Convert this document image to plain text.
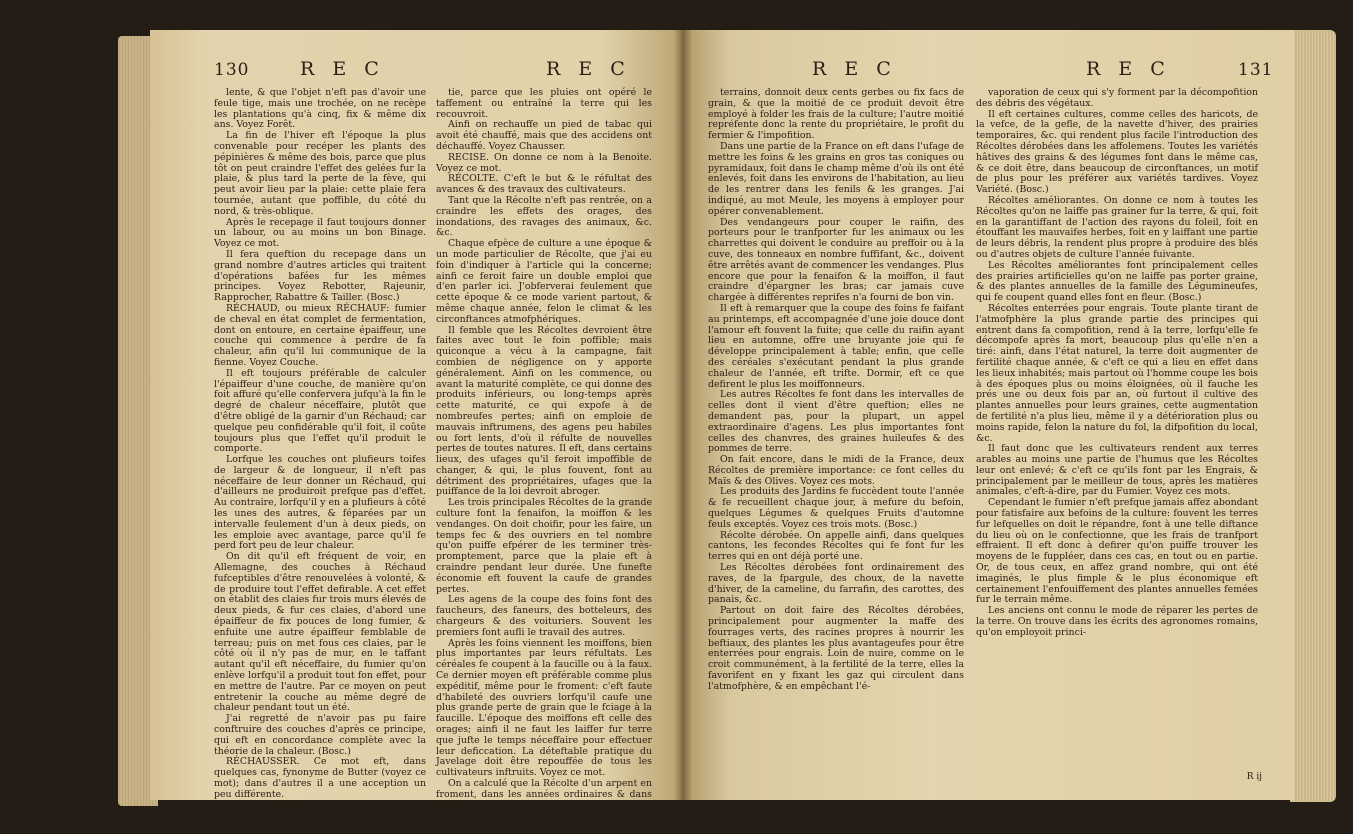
130	R E C	R E C

lente, & que l'objet n'eft pas d'avoir une feule tige, mais une trochée, on ne recèpe les plantations qu'à cinq, fix & même dix ans. Voyez Forêt.

La fin de l'hiver eft l'époque la plus convenable pour recéper les plants des pépinières & même des bois, parce que plus tôt on peut craindre l'effet des gelées fur la plaie, & plus tard la perte de la fève, qui peut avoir lieu par la plaie: cette plaie fera tournée, autant que poffible, du côté du nord, & très-oblique.

Après le recepage il faut toujours donner un labour, ou au moins un bon Binage. Voyez ce mot.

Il fera queftion du recepage dans un grand nombre d'autres articles qui traitent d'opérations bafées fur les mêmes principes. Voyez Rebotter, Rajeunir, Rapprocher, Rabattre & Tailler. (Bosc.)

RÉCHAUD, ou mieux RÉCHAUF: fumier de cheval en état complet de fermentation, dont on entoure, en certaine épaiffeur, une couche qui commence à perdre de fa chaleur, afin qu'il lui communique de la fienne. Voyez Couche.

Il eft toujours préférable de calculer l'épaiffeur d'une couche, de manière qu'on foit affuré qu'elle confervera jufqu'à la fin le degré de chaleur néceffaire, plutôt que d'être obligé de la garnir d'un Réchaud; car quelque peu confidérable qu'il foit, il coûte toujours plus que l'effet qu'il produit le comporte.

Lorfque les couches ont plufieurs toifes de largeur & de longueur, il n'eft pas néceffaire de leur donner un Réchaud, qui d'ailleurs ne produiroit prefque pas d'effet. Au contraire, lorfqu'il y en a plufieurs à côté les unes des autres, & féparées par un intervalle feulement d'un à deux pieds, on les emploie avec avantage, parce qu'il fe perd fort peu de leur chaleur.

On dit qu'il eft fréquent de voir, en Allemagne, des couches à Réchaud fufceptibles d'être renouvelées à volonté, & de produire tout l'effet defirable. A cet effet on établit des claies fur trois murs élevés de deux pieds, & fur ces claies, d'abord une épaiffeur de fix pouces de long fumier, & enfuite une autre épaiffeur femblable de terreau; puis on met fous ces claies, par le côté où il n'y pas de mur, en le taffant autant qu'il eft néceffaire, du fumier qu'on enlève lorfqu'il a produit tout fon effet, pour en mettre de l'autre. Par ce moyen on peut entretenir la couche au même degré de chaleur pendant tout un été.

J'ai regretté de n'avoir pas pu faire conftruire des couches d'après ce principe, qui eft en concordance complète avec la théorie de la chaleur. (Bosc.)

RÉCHAUSSER. Ce mot eft, dans quelques cas, fynonyme de Butter (voyez ce mot); dans d'autres il a une acception un peu différente.

Ainfi on rechauffe un arbre nouvellement planté, dont les racines ont été mifes à nu en par-

tie, parce que les pluies ont opéré le taffement ou entraîné la terre qui les recouvroit.

Ainfi on rechauffe un pied de tabac qui avoit été chauffé, mais que des accidens ont déchauffé. Voyez Chausser.

RECISE. On donne ce nom à la Benoite. Voyez ce mot.

RÉCOLTE. C'eft le but & le réfultat des avances & des travaux des cultivateurs.

Tant que la Récolte n'eft pas rentrée, on a craindre les effets des orages, des inondations, des ravages des animaux, &c. &c.

Chaque efpèce de culture a une époque & un mode particulier de Récolte, que j'ai eu foin d'indiquer à l'article qui la concerne; ainfi ce feroit faire un double emploi que d'en parler ici. J'obferverai feulement que cette époque & ce mode varient partout, & même chaque année, felon le climat & les circonftances atmofphériques.

Il femble que les Récoltes devroient être faites avec tout le foin poffible; mais quiconque a vécu à la campagne, fait combien de négligence on y apporte généralement. Ainfi on les commence, ou avant la maturité complète, ce qui donne des produits inférieurs, ou long-temps après cette maturité, ce qui expofe à de nombreufes pertes; ainfi on emploie de mauvais inftrumens, des agens peu habiles ou fort lents, d'où il réfulte de nouvelles pertes de toutes natures. Il eft, dans certains lieux, des ufages qu'il feroit impoffible de changer, & qui, le plus fouvent, font au détriment des propriétaires, ufages que la puiffance de la loi devroit abroger.

Les trois principales Récoltes de la grande culture font la fenaifon, la moiffon & les vendanges. On doit choifir, pour les faire, un temps fec & des ouvriers en tel nombre qu'on puiffe efpérer de les terminer très-promptement, parce que la plaie eft à craindre pendant leur durée. Une funefte économie eft fouvent la caufe de grandes pertes.

Les agens de la coupe des foins font des faucheurs, des faneurs, des botteleurs, des chargeurs & des voituriers. Souvent les premiers font aufli le travail des autres.

Après les foins viennent les moiffons, bien plus importantes par leurs réfultats. Les céréales fe coupent à la faucille ou à la faux. Ce dernier moyen eft préférable comme plus expéditif, même pour le froment: c'eft faute d'habileté des ouvriers lorfqu'il caufe une plus grande perte de grain que le fciage à la faucille. L'époque des moiffons eft celle des orages; ainfi il ne faut les laiffer fur terre que jufte le temps néceffaire pour effectuer leur deficcation. La déteftable pratique du Javelage doit être repouffée de tous les cultivateurs inftruits. Voyez ce mot.

On a calculé que la Récolte d'un arpent en froment, dans les années ordinaires & dans les bas

R E C	R E C	131

terrains, donnoit deux cents gerbes ou fix facs de grain, & que la moitié de ce produit devoit être employé à folder les frais de la culture; l'autre moitié repréfente donc la rente du propriétaire, le profit du fermier & l'impofition.

Dans une partie de la France on eft dans l'ufage de mettre les foins & les grains en gros tas coniques ou pyramidaux, foit dans le champ même d'où ils ont été enlevés, foit dans les environs de l'habitation, au lieu de les rentrer dans les fenils & les granges. J'ai indiqué, au mot Meule, les moyens à employer pour opérer convenablement.

Des vendangeurs pour couper le raifin, des porteurs pour le tranfporter fur les animaux ou les charrettes qui doivent le conduire au preffoir ou à la cuve, des tonneaux en nombre fuffifant, &c., doivent être arrêtés avant de commencer les vendanges. Plus encore que pour la fenaifon & la moiffon, il faut craindre d'épargner les bras; car jamais cuve chargée à différentes reprifes n'a fourni de bon vin.

Il eft à remarquer que la coupe des foins fe faifant au printemps, eft accompagnée d'une joie douce dont l'amour eft fouvent la fuite; que celle du raifin ayant lieu en automne, offre une bruyante joie qui fe développe principalement à table; enfin, que celle des céréales s'exécutant pendant la plus grande chaleur de l'année, eft trifte. Dormir, eft ce que defirent le plus les moiffonneurs.

Les autres Récoltes fe font dans les intervalles de celles dont il vient d'être queftion; elles ne demandent pas, pour la plupart, un appel extraordinaire d'agens. Les plus importantes font celles des chanvres, des graines huileufes & des pommes de terre.

On fait encore, dans le midi de la France, deux Récoltes de première importance: ce font celles du Maïs & des Olives. Voyez ces mots.

Les produits des Jardins fe fuccèdent toute l'année & fe recueillent chaque jour, à mefure du befoin, quelques Légumes & quelques Fruits d'automne feuls exceptés. Voyez ces trois mots. (Bosc.)

Récolte dérobée. On appelle ainfi, dans quelques cantons, les fecondes Récoltes qui fe font fur les terres qui en ont déjà porté une.

Les Récoltes dérobées font ordinairement des raves, de la fpargule, des choux, de la navette d'hiver, de la cameline, du farrafin, des carottes, des panais, &c.

Partout on doit faire des Récoltes dérobées, principalement pour augmenter la maffe des fourrages verts, des racines propres à nourrir les beftiaux, des plantes les plus avantageufes pour être enterrées pour engrais. Loin de nuire, comme on le croit communément, à la fertilité de la terre, elles la favorifent en y fixant les gaz qui circulent dans l'atmofphère, & en empêchant l'é-

vaporation de ceux qui s'y forment par la décompofition des débris des végétaux.

Il eft certaines cultures, comme celles des haricots, de la vefce, de la gefle, de la navette d'hiver, des prairies temporaires, &c. qui rendent plus facile l'introduction des Récoltes dérobées dans les affolemens. Toutes les variétés hâtives des grains & des légumes font dans le même cas, & ce doit être, dans beaucoup de circonftances, un motif de plus pour les préférer aux variétés tardives. Voyez Variété. (Bosc.)

Récoltes améliorantes. On donne ce nom à toutes les Récoltes qu'on ne laiffe pas grainer fur la terre, & qui, foit en la garantiffant de l'action des rayons du foleil, foit en étouffant les mauvaifes herbes, foit en y laiffant une partie de leurs débris, la rendent plus propre à produire des blés ou d'autres objets de culture l'année fuivante.

Les Récoltes améliorantes font principalement celles des prairies artificielles qu'on ne laiffe pas porter graine, & des plantes annuelles de la famille des Légumineufes, qui fe coupent quand elles font en fleur. (Bosc.)

Récoltes enterrées pour engrais. Toute plante tirant de l'atmofphère la plus grande partie des principes qui entrent dans fa compofition, rend à la terre, lorfqu'elle fe décompofe après fa mort, beaucoup plus qu'elle n'en a tiré: ainfi, dans l'état naturel, la terre doit augmenter de fertilité chaque année, & c'eft ce qui a lieu en effet dans les lieux inhabités; mais partout où l'homme coupe les bois à des époques plus ou moins éloignées, où il fauche les prés une ou deux fois par an, où furtout il cultive des plantes annuelles pour leurs graines, cette augmentation de fertilité n'a plus lieu, même il y a détérioration plus ou moins rapide, felon la nature du fol, la difpofition du local, &c.

Il faut donc que les cultivateurs rendent aux terres arables au moins une partie de l'humus que les Récoltes leur ont enlevé; & c'eft ce qu'ils font par les Engrais, & principalement par le meilleur de tous, après les matières animales, c'eft-à-dire, par du Fumier. Voyez ces mots.

Cependant le fumier n'eft prefque jamais affez abondant pour fatisfaire aux befoins de la culture: fouvent les terres fur lefquelles on doit le répandre, font à une telle diftance du lieu où on le confectionne, que les frais de tranfport effraient. Il eft donc à defirer qu'on puiffe trouver les moyens de le fuppléer, dans ces cas, en tout ou en partie. Or, de tous ceux, en affez grand nombre, qui ont été imaginés, le plus fimple & le plus économique eft certainement l'enfouiffement des plantes annuelles femées fur le terrain même.

Les anciens ont connu le mode de réparer les pertes de la terre. On trouve dans les écrits des agronomes romains, qu'on employoit princi-

R ij
